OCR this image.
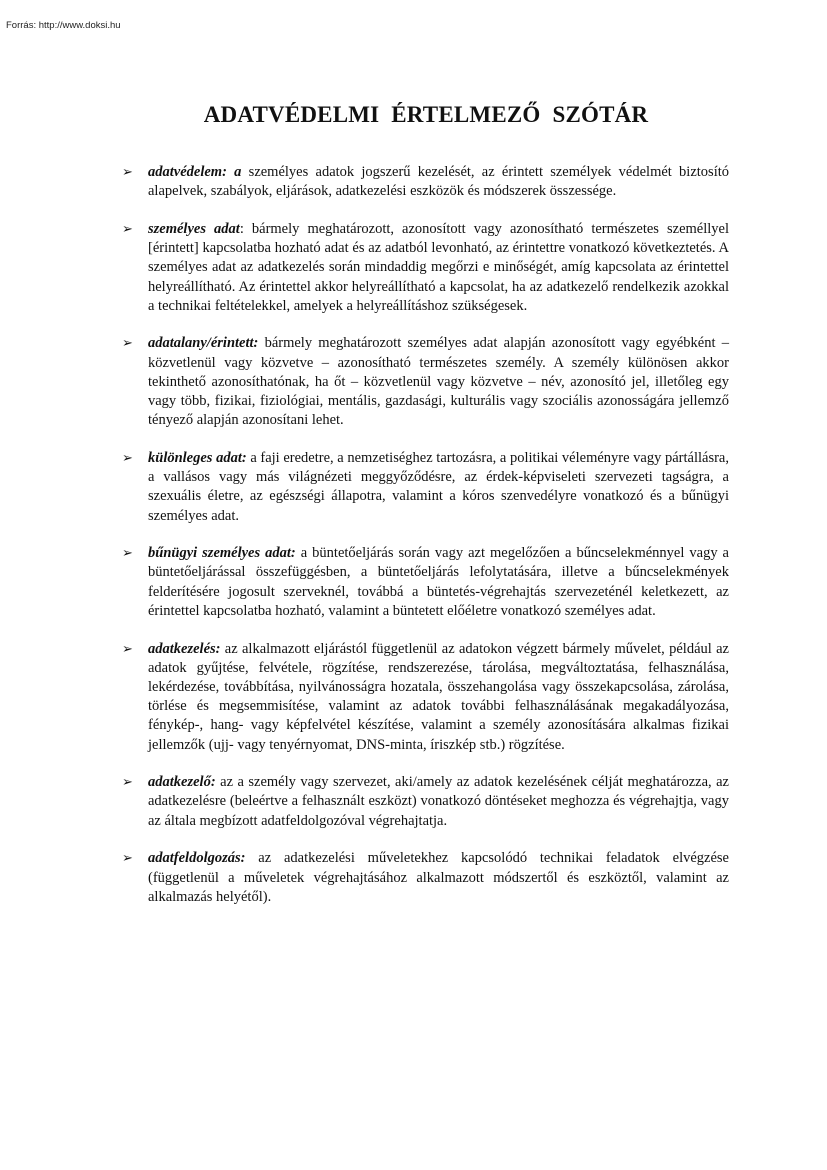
Forrás: http://www.doksi.hu
ADATVÉDELMI ÉRTELMEZŐ SZÓTÁR
➢ adatvédelem: a személyes adatok jogszerű kezelését, az érintett személyek védelmét biztosító alapelvek, szabályok, eljárások, adatkezelési eszközök és módszerek összessége.
➢ személyes adat: bármely meghatározott, azonosított vagy azonosítható természetes személlyel [érintett] kapcsolatba hozható adat és az adatból levonható, az érintettre vonatkozó következtetés. A személyes adat az adatkezelés során mindaddig megőrzi e minőségét, amíg kapcsolata az érintettel helyreállítható. Az érintettel akkor helyreállítható a kapcsolat, ha az adatkezelő rendelkezik azokkal a technikai feltételekkel, amelyek a helyreállításhoz szükségesek.
➢ adatalany/érintett: bármely meghatározott személyes adat alapján azonosított vagy egyébként – közvetlenül vagy közvetve – azonosítható természetes személy. A személy különösen akkor tekinthető azonosíthatónak, ha őt – közvetlenül vagy közvetve – név, azonosító jel, illetőleg egy vagy több, fizikai, fiziológiai, mentális, gazdasági, kulturális vagy szociális azonosságára jellemző tényező alapján azonosítani lehet.
➢ különleges adat: a faji eredetre, a nemzetiséghez tartozásra, a politikai véleményre vagy pártállásra, a vallásos vagy más világnézeti meggyőződésre, az érdek-képviseleti szervezeti tagságra, a szexuális életre, az egészségi állapotra, valamint a kóros szenvedélyre vonatkozó és a bűnügyi személyes adat.
➢ bűnügyi személyes adat: a büntetőeljárás során vagy azt megelőzően a bűncselekménnyel vagy a büntetőeljárással összefüggésben, a büntetőeljárás lefolytatására, illetve a bűncselekmények felderítésére jogosult szerveknél, továbbá a büntetés-végrehajtás szervezeténél keletkezett, az érintettel kapcsolatba hozható, valamint a büntetett előéletre vonatkozó személyes adat.
➢ adatkezelés: az alkalmazott eljárástól függetlenül az adatokon végzett bármely művelet, például az adatok gyűjtése, felvétele, rögzítése, rendszerezése, tárolása, megváltoztatása, felhasználása, lekérdezése, továbbítása, nyilvánosságra hozatala, összehangolása vagy összekapcsolása, zárolása, törlése és megsemmisítése, valamint az adatok további felhasználásának megakadályozása, fénykép-, hang- vagy képfelvétel készítése, valamint a személy azonosítására alkalmas fizikai jellemzők (ujj- vagy tenyérnyomat, DNS-minta, íriszkép stb.) rögzítése.
➢ adatkezelő: az a személy vagy szervezet, aki/amely az adatok kezelésének célját meghatározza, az adatkezelésre (beleértve a felhasznált eszközt) vonatkozó döntéseket meghozza és végrehajtja, vagy az általa megbízott adatfeldolgozóval végrehajtatja.
➢ adatfeldolgozás: az adatkezelési műveletekhez kapcsolódó technikai feladatok elvégzése (függetlenül a műveletek végrehajtásához alkalmazott módszertől és eszköztől, valamint az alkalmazás helyétől).
